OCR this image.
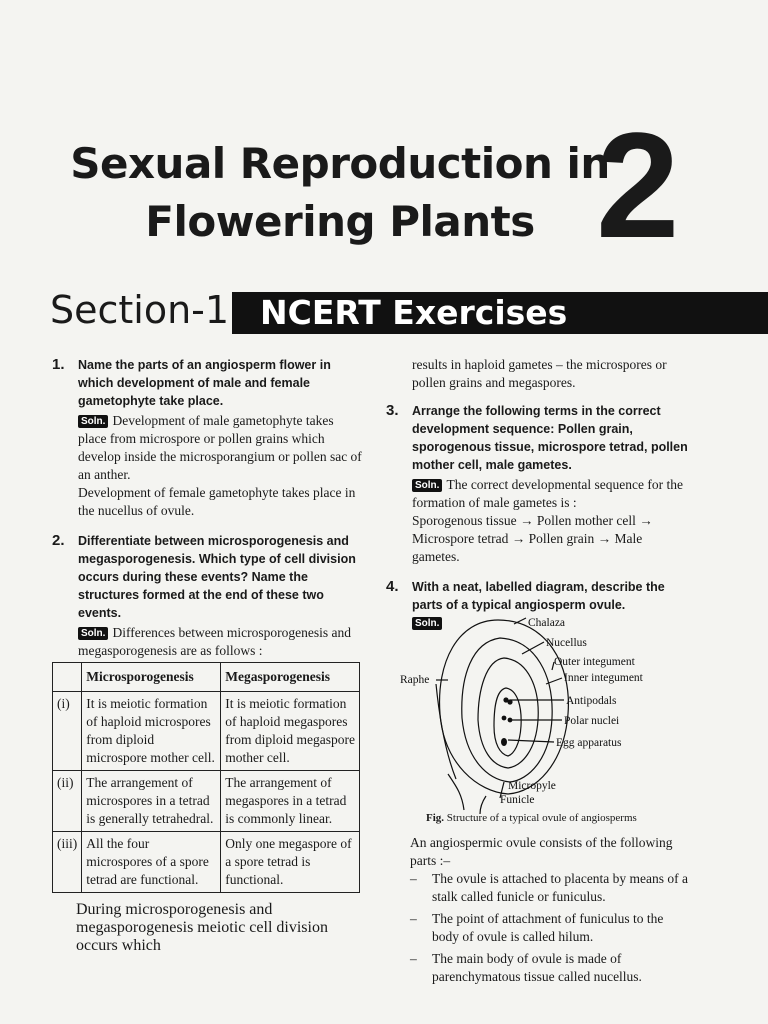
Sexual Reproduction in
Flowering Plants 2
Section-1 NCERT Exercises
1. Name the parts of an angiosperm flower in which development of male and female gametophyte take place.

Soln. Development of male gametophyte takes place from microspore or pollen grains which develop inside the microsporangium or pollen sac of an anther.

Development of female gametophyte takes place in the nucellus of ovule.

2. Differentiate between microsporogenesis and megasporogenesis. Which type of cell division occurs during these events? Name the structures formed at the end of these two events.

Soln. Differences between microsporogenesis and megasporogenesis are as follows :

	Microsporogenesis	Megasporogenesis
(i)	It is meiotic formation of haploid microspores from diploid microspore mother cell.	It is meiotic formation of haploid megaspores from diploid megaspore mother cell.
(ii)	The arrangement of microspores in a tetrad is generally tetrahedral.	The arrangement of megaspores in a tetrad is commonly linear.
(iii)	All the four microspores of a spore tetrad are functional.	Only one megaspore of a spore tetrad is functional.

During microsporogenesis and megasporogenesis meiotic cell division occurs which

results in haploid gametes – the microspores or pollen grains and megaspores.

3. Arrange the following terms in the correct development sequence: Pollen grain, sporogenous tissue, microspore tetrad, pollen mother cell, male gametes.

Soln. The correct developmental sequence for the formation of male gametes is :

Sporogenous tissue → Pollen mother cell → Microspore tetrad → Pollen grain → Male gametes.

4. With a neat, labelled diagram, describe the parts of a typical angiosperm ovule.

Soln.	Chalaza
Nucellus
Outer integument
Inner integument
Raphe
Antipodals
Polar nuclei
Egg apparatus
Micropyle
Funicle
Fig. Structure of a typical ovule of angiosperms

An angiospermic ovule consists of the following parts :–

– The ovule is attached to placenta by means of a stalk called funicle or funiculus.
– The point of attachment of funiculus to the body of ovule is called hilum.
– The main body of ovule is made of parenchymatous tissue called nucellus.
